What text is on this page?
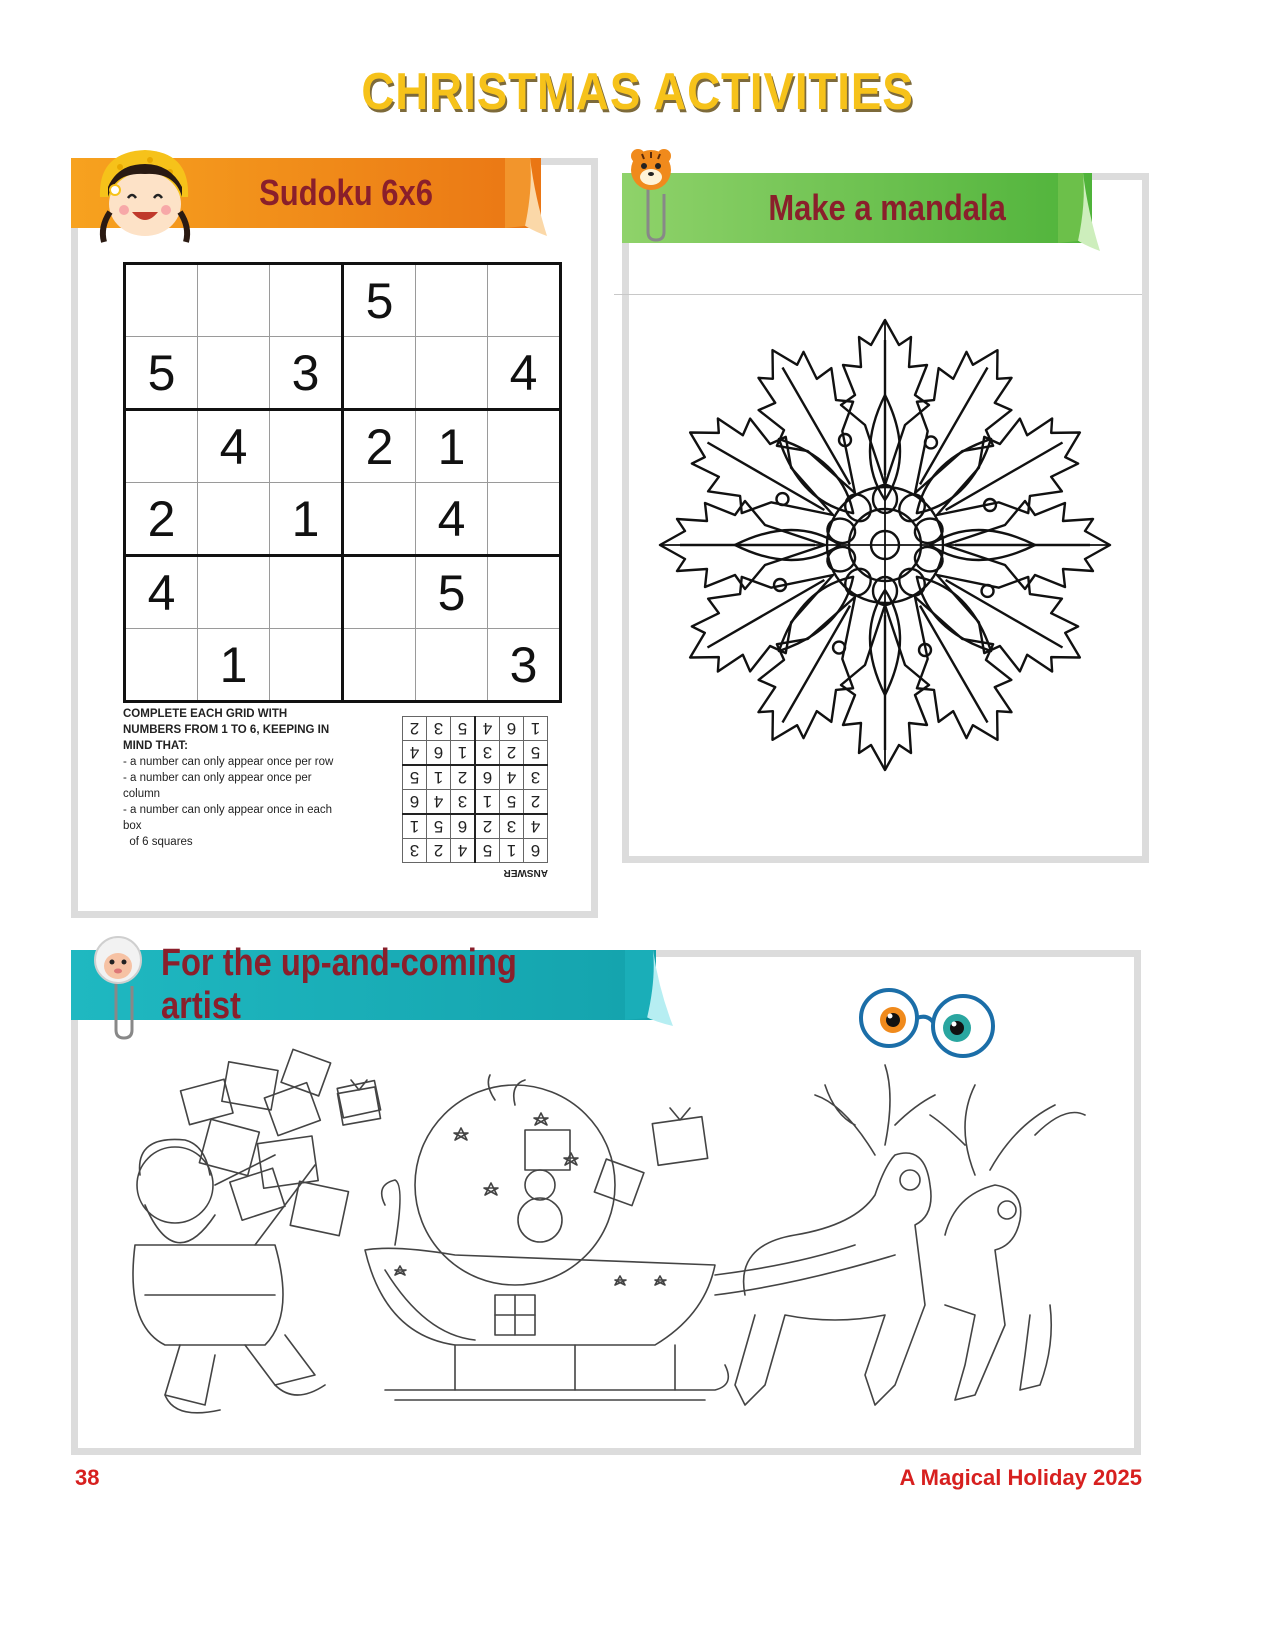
CHRISTMAS ACTIVITIES
Sudoku 6x6
			5		
5		3			4
	4		2	1	
2		1		4	
4				5	
	1				3
COMPLETE EACH GRID WITH NUMBERS FROM 1 TO 6, KEEPING IN MIND THAT:
- a number can only appear once per row
- a number can only appear once per column
- a number can only appear once in each box
of 6 squares
ANSWER
6	1	5	4	2	3
4	3	2	6	5	1
2	5	1	3	4	6
3	4	6	2	1	5
5	2	3	1	6	4
1	6	4	5	3	2
Make a mandala
For the up-and-coming artist
38	A Magical Holiday 2025
